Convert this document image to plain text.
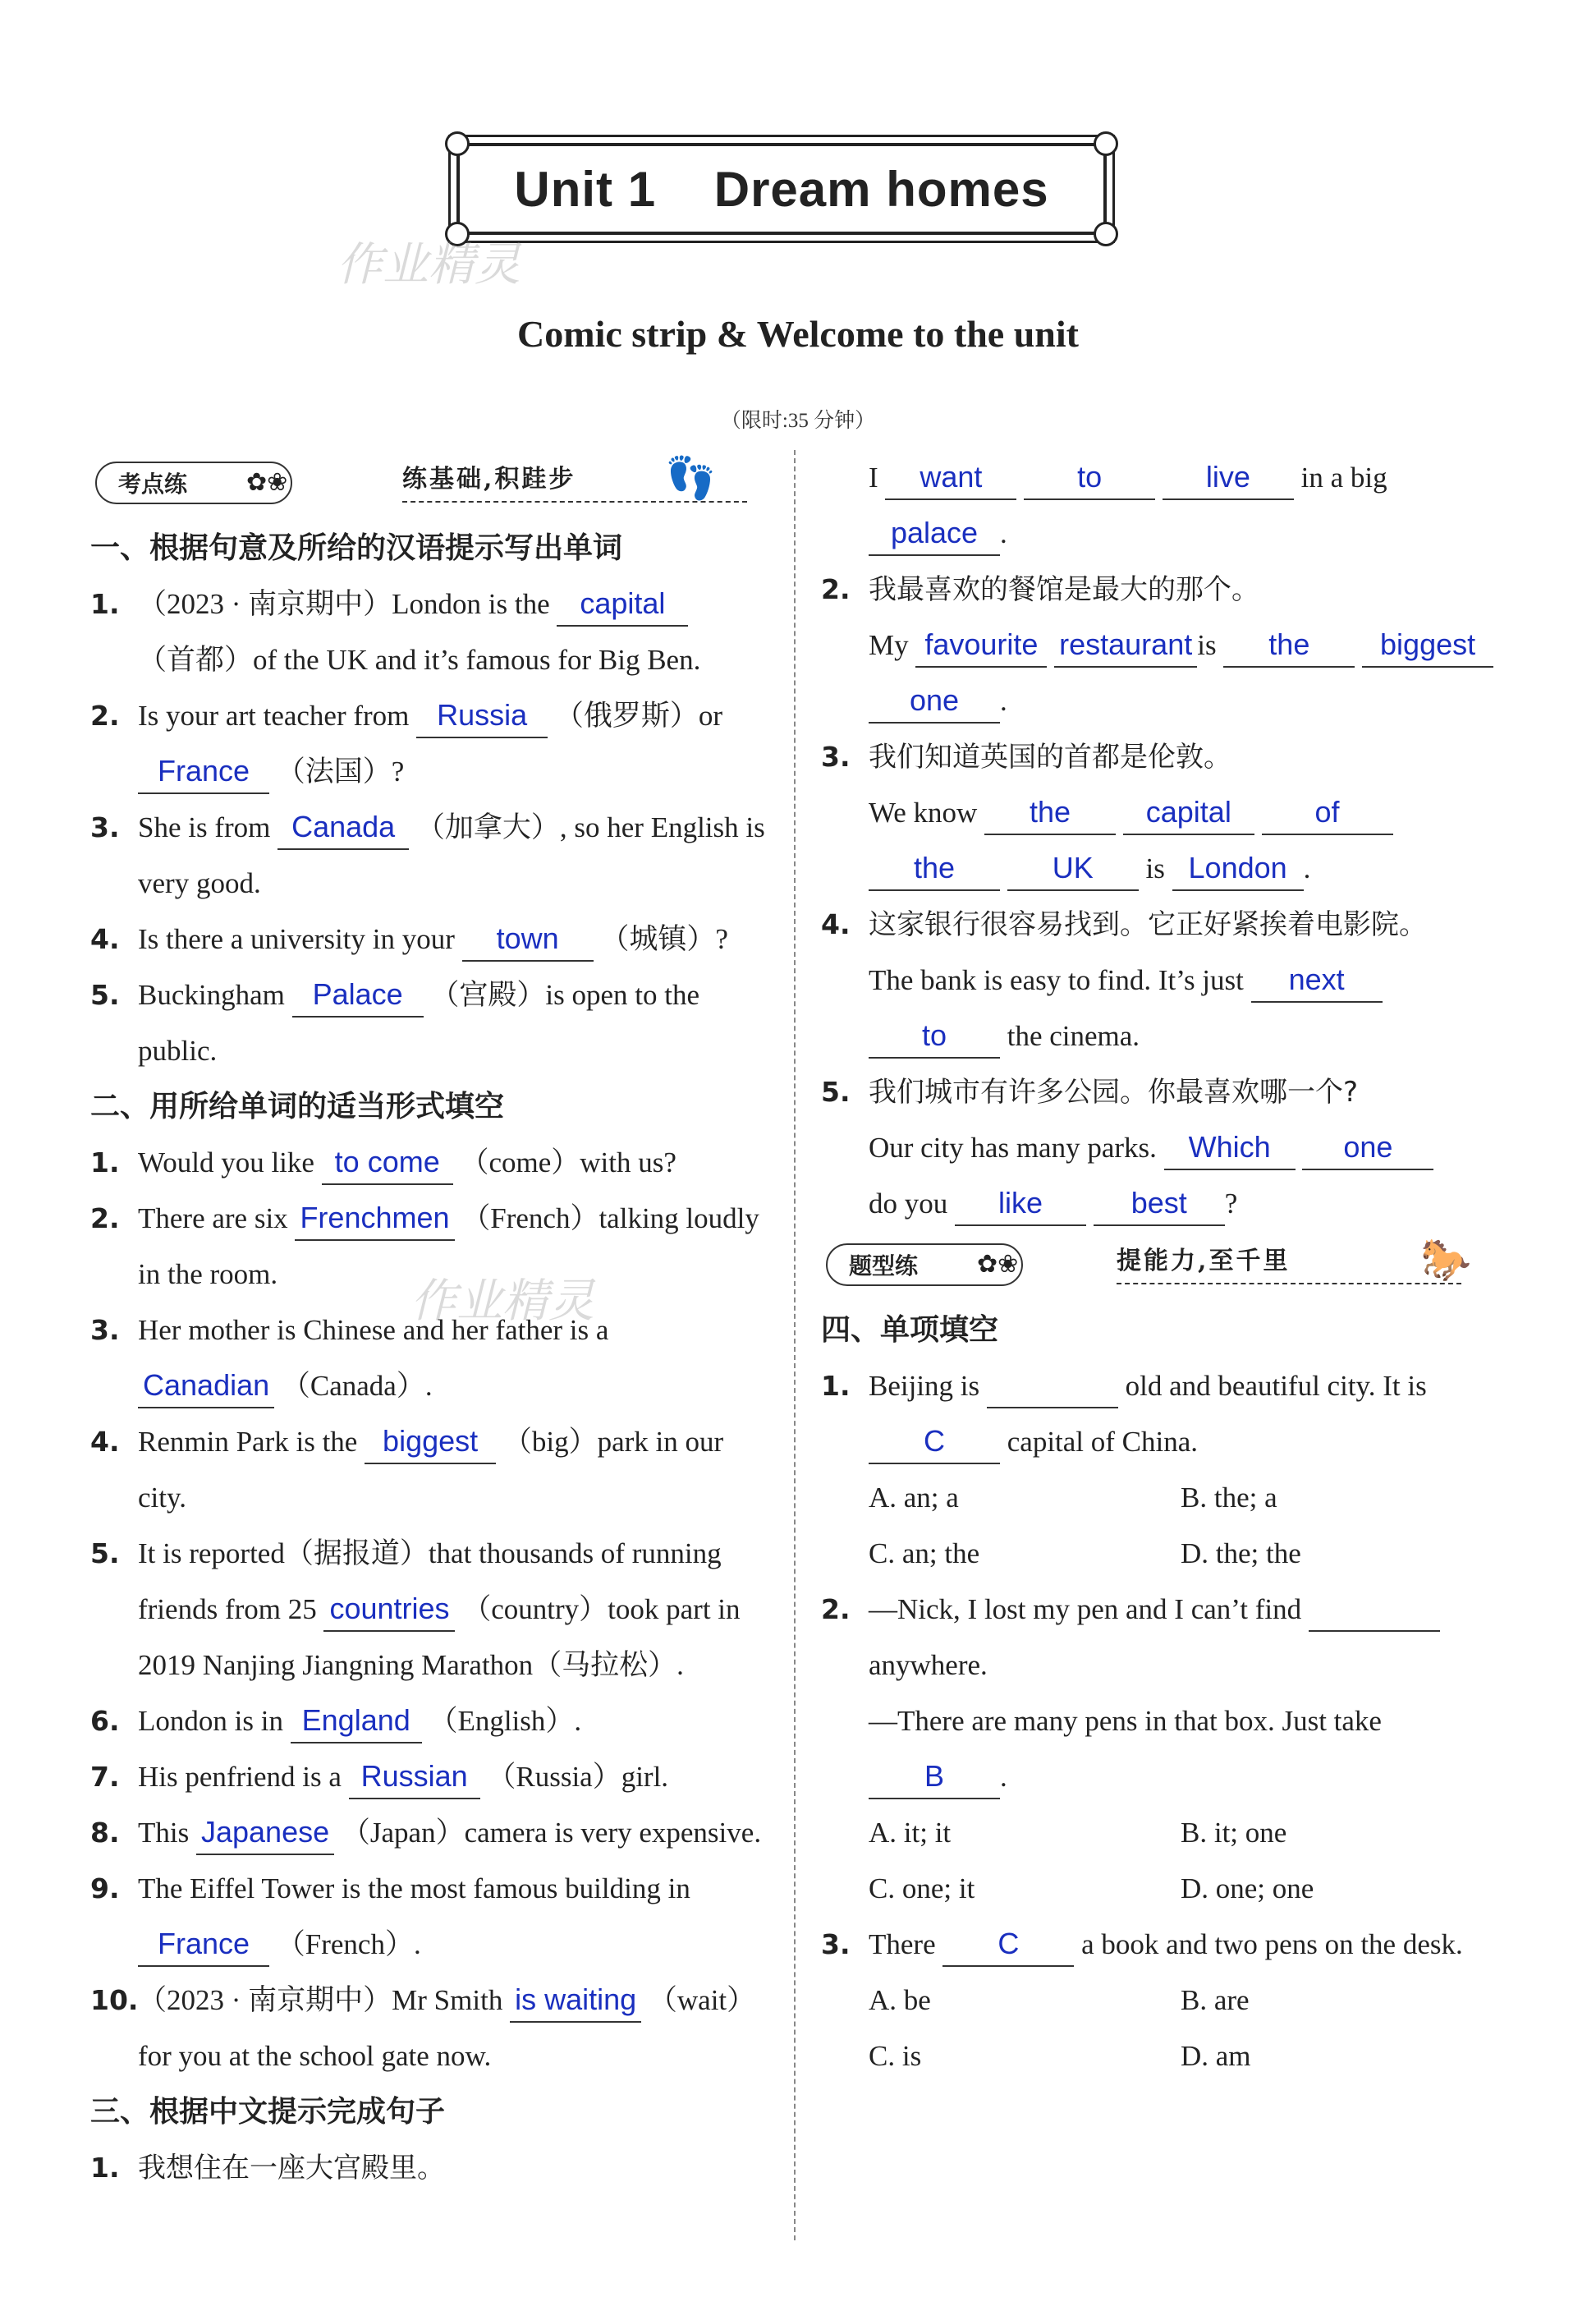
Unit 1    Dream homes
作业精灵
作业精灵
Comic strip & Welcome to the unit
（限时:35 分钟）
考点练	✿❀	练基础,积跬步	👣
一、根据句意及所给的汉语提示写出单词
1. （2023 · 南京期中）London is the capital
（首都）of the UK and it’s famous for Big Ben.
2. Is your art teacher from Russia （俄罗斯）or
France （法国）?
3. She is from Canada （加拿大）, so her English is very good.
4. Is there a university in your town （城镇）?
5. Buckingham Palace （宫殿）is open to the public.
二、用所给单词的适当形式填空
1. Would you like to come （come）with us?
2. There are six Frenchmen （French）talking loudly in the room.
3. Her mother is Chinese and her father is a
Canadian （Canada）.
4. Renmin Park is the biggest （big）park in our city.
5. It is reported（据报道）that thousands of running friends from 25 countries （country）took part in 2019 Nanjing Jiangning Marathon（马拉松）.
6. London is in England （English）.
7. His penfriend is a Russian （Russia）girl.
8. This Japanese （Japan）camera is very expensive.
9. The Eiffel Tower is the most famous building in
France （French）.
10. （2023 · 南京期中）Mr Smith is waiting （wait）for you at the school gate now.
三、根据中文提示完成句子
1. 我想住在一座大宫殿里。
I want	to	live in a big
palace .
2. 我最喜欢的餐馆是最大的那个。
My favourite restaurant is the biggest
one .
3. 我们知道英国的首都是伦敦。
We know the	capital	of
the	UK is London .
4. 这家银行很容易找到。它正好紧挨着电影院。
The bank is easy to find. It’s just next
to the cinema.
5. 我们城市有许多公园。你最喜欢哪一个?
Our city has many parks. Which one
do you like	best ?
题型练	✿❀	提能力,至千里	🐎
四、单项填空
1. Beijing is	old and beautiful city. It is C capital of China.
A. an; a	B. the; a
C. an; the	D. the; the
2. —Nick, I lost my pen and I can’t find
anywhere.
—There are many pens in that box. Just take B .
A. it; it	B. it; one
C. one; it	D. one; one
3. There C a book and two pens on the desk.
A. be	B. are
C. is	D. am
